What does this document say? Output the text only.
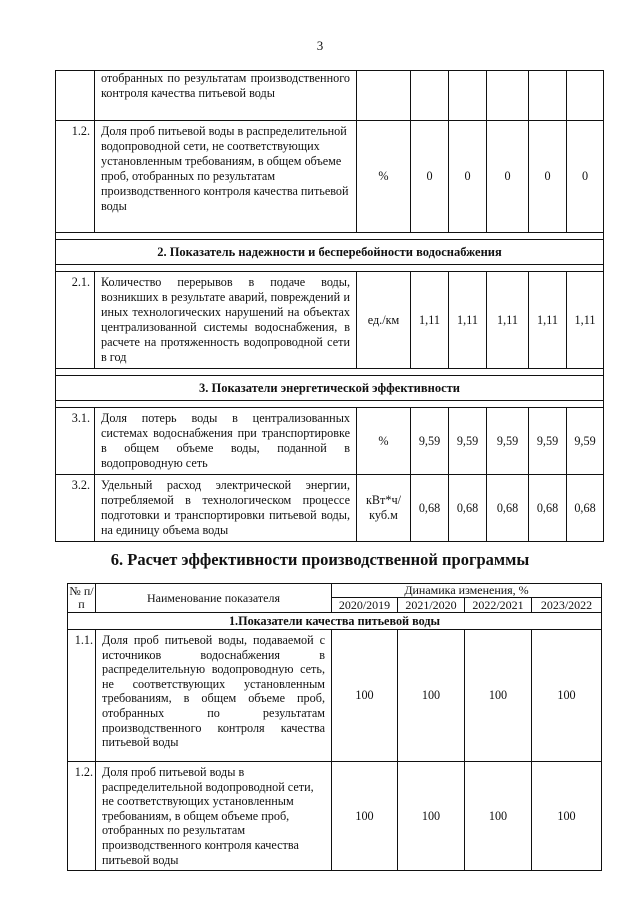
3
	отобранных по результатам производственного контроля качества питьевой воды						
1.2.	Доля проб питьевой воды в распределительной водопроводной сети, не соответствующих установленным требованиям, в общем объеме проб, отобранных по результатам производственного контроля качества питьевой воды	%	0	0	0	0	0

2. Показатель надежности и бесперебойности водоснабжения							

2.1.	Количество перерывов в подаче воды, возникших в результате аварий, повреждений и иных технологических нарушений на объектах централизованной системы водоснабжения, в расчете на протяженность водопроводной сети в год	ед./км	1,11	1,11	1,11	1,11	1,11

3. Показатели энергетической эффективности							

3.1.	Доля потерь воды в централизованных системах водоснабжения при транспортировке в общем объеме воды, поданной в водопроводную сеть	%	9,59	9,59	9,59	9,59	9,59
3.2.	Удельный расход электрической энергии, потребляемой в технологическом процессе подготовки и транспортировки питьевой воды, на единицу объема воды	кВт*ч/ куб.м	0,68	0,68	0,68	0,68	0,68
6. Расчет эффективности производственной программы
№ п/п	Наименование показателя	Динамика изменения, %			
		2020/2019	2021/2020	2022/2021	2023/2022
1.Показатели качества питьевой воды					
1.1.	Доля проб питьевой воды, подаваемой с источников водоснабжения в распределительную водопроводную сеть, не соответствующих установленным требованиям, в общем объеме проб, отобранных по результатам производственного контроля качества питьевой воды	100	100	100	100
1.2.	Доля проб питьевой воды в распределительной водопроводной сети, не соответствующих установленным требованиям, в общем объеме проб, отобранных по результатам производственного контроля качества питьевой воды	100	100	100	100
